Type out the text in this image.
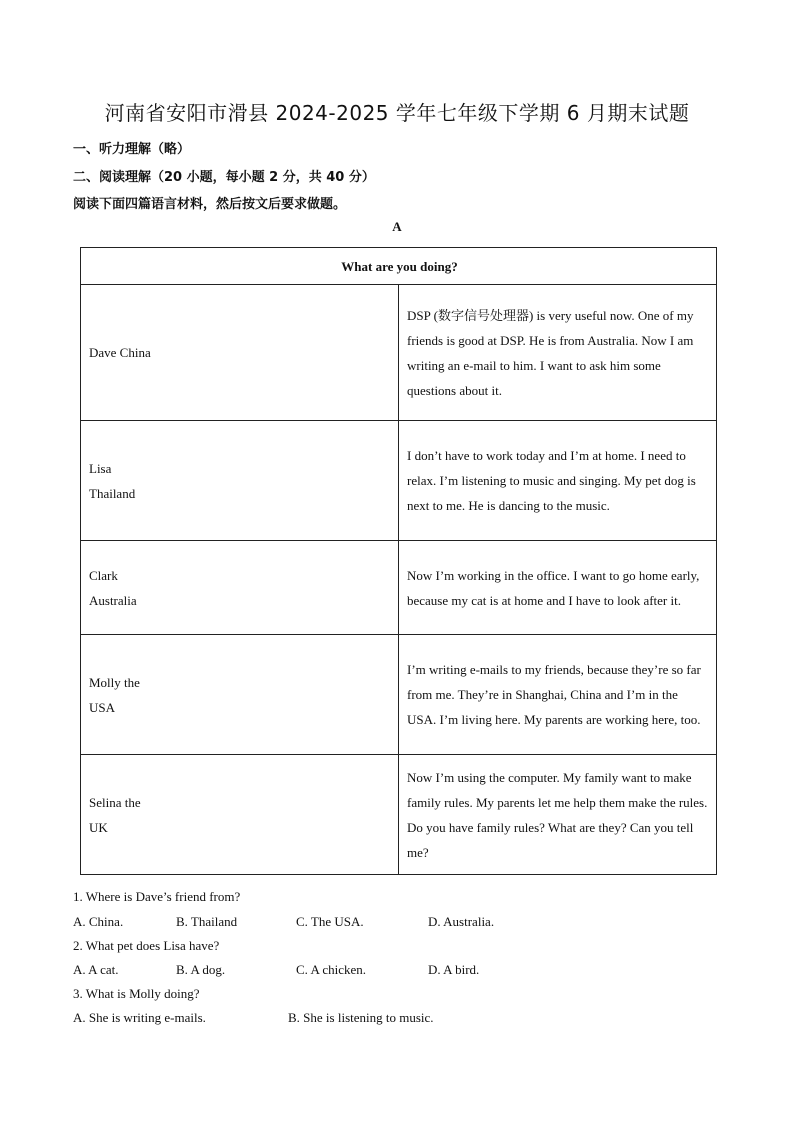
河南省安阳市滑县 2024-2025 学年七年级下学期 6 月期末试题
一、听力理解（略）
二、阅读理解（20 小题，每小题 2 分，共 40 分）
阅读下面四篇语言材料，然后按文后要求做题。
A
What are you doing?	

Dave China	DSP (数字信号处理器) is very useful now. One of my friends is good at DSP. He is from Australia. Now I am writing an e-mail to him. I want to ask him some questions about it.

Lisa
Thailand	I don’t have to work today and I’m at home. I need to relax. I’m listening to music and singing. My pet dog is next to me. He is dancing to the music.

Clark
Australia	Now I’m working in the office. I want to go home early, because my cat is at home and I have to look after it.

Molly the
USA	I’m writing e-mails to my friends, because they’re so far from me. They’re in Shanghai, China and I’m in the USA. I’m living here. My parents are working here, too.

Selina the
UK	Now I’m using the computer. My family want to make family rules. My parents let me help them make the rules. Do you have family rules? What are they? Can you tell me?
1. Where is Dave’s friend from?
A. China.	B. Thailand	C. The USA.	D. Australia.
2. What pet does Lisa have?
A. A cat.	B. A dog.	C. A chicken.	D. A bird.
3. What is Molly doing?
A. She is writing e-mails.	B. She is listening to music.
